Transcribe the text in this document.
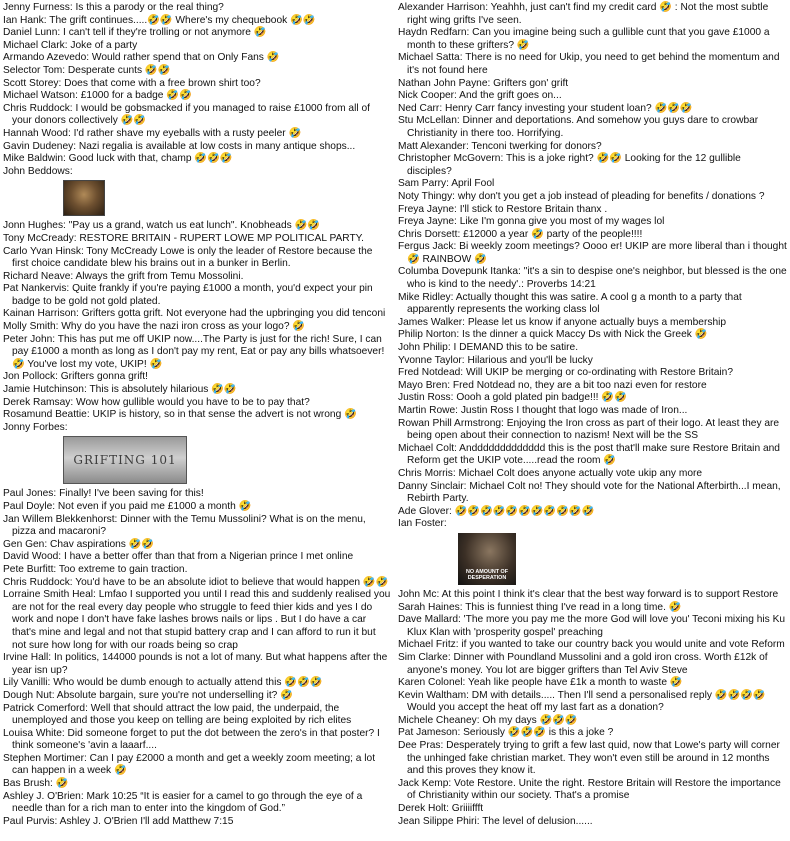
Jenny Furness: Is this a parody or the real thing?

Ian Hank: The grift continues.....🤣🤣 Where's my chequebook 🤣🤣

Daniel Lunn: I can't tell if they're trolling or not anymore 🤣

Michael Clark: Joke of a party

Armando Azevedo: Would rather spend that on Only Fans 🤣

Selector Tom: Desperate cunts 🤣🤣

Scott Storey: Does that come with a free brown shirt too?

Michael Watson: £1000 for a badge 🤣🤣

Chris Ruddock: I would be gobsmacked if you managed to raise £1000 from all of your donors collectively 🤣🤣

Hannah Wood: I'd rather shave my eyeballs with a rusty peeler 🤣

Gavin Dudeney: Nazi regalia is available at low costs in many antique shops...

Mike Baldwin: Good luck with that, champ 🤣🤣🤣

John Beddows:

Jonn Hughes: "Pay us a grand, watch us eat lunch". Knobheads 🤣🤣

Tony McCready: RESTORE BRITAIN - RUPERT LOWE MP POLITICAL PARTY.

Carlo Yvan Hinsk: Tony McCready Lowe is only the leader of Restore because the first choice candidate blew his brains out in a bunker in Berlin.

Richard Neave: Always the grift from Temu Mossolini.

Pat Nankervis: Quite frankly if you're paying £1000 a month, you'd expect your pin badge to be gold not gold plated.

Kainan Harrison: Grifters gotta grift. Not everyone had the upbringing you did tenconi

Molly Smith: Why do you have the nazi iron cross as your logo? 🤣

Peter John: This has put me off UKIP now....The Party is just for the rich! Sure, I can pay £1000 a month as long as I don't pay my rent, Eat or pay any bills whatsoever! 🤣 You've lost my vote, UKIP! 🤣

Jon Pollock: Grifters gonna grift!

Jamie Hutchinson: This is absolutely hilarious 🤣🤣

Derek Ramsay: Wow how gullible would you have to be to pay that?

Rosamund Beattie: UKIP is history, so in that sense the advert is not wrong 🤣

Jonny Forbes:

GRIFTING 101

Paul Jones: Finally! I've been saving for this!

Paul Doyle: Not even if you paid me £1000 a month 🤣

Jan Willem Blekkenhorst: Dinner with the Temu Mussolini? What is on the menu, pizza and macaroni?

Gen Gen: Chav aspirations 🤣🤣

David Wood: I have a better offer than that from a Nigerian prince I met online

Pete Burfitt: Too extreme to gain traction.

Chris Ruddock: You'd have to be an absolute idiot to believe that would happen 🤣🤣

Lorraine Smith Heal: Lmfao I supported you until I read this and suddenly realised you are not for the real every day people who struggle to feed thier kids and yes I do work and nope I don't have fake lashes brows nails or lips . But I do have a car that's mine and legal and not that stupid battery crap and I can afford to run it but not sure how long for with our roads being so crap

Irvine Hall: In politics, 144000 pounds is not a lot of many. But what happens after the year isn up?

Lily Vanilli: Who would be dumb enough to actually attend this 🤣🤣🤣

Dough Nut: Absolute bargain, sure you're not underselling it? 🤣

Patrick Comerford: Well that should attract the low paid, the underpaid, the unemployed and those you keep on telling are being exploited by rich elites

Louisa White: Did someone forget to put the dot between the zero's in that poster? I think someone's 'avin a laaarf....

Stephen Mortimer: Can I pay £2000 a month and get a weekly zoom meeting; a lot can happen in a week 🤣

Bas Brush: 🤣

Ashley J. O'Brien: Mark 10:25 “It is easier for a camel to go through the eye of a needle than for a rich man to enter into the kingdom of God.”

Paul Purvis: Ashley J. O'Brien I'll add Matthew 7:15

Alexander Harrison: Yeahhh, just can't find my credit card 🤣 : Not the most subtle right wing grifts I've seen.

Haydn Redfarn: Can you imagine being such a gullible cunt that you gave £1000 a month to these grifters? 🤣

Michael Satta: There is no need for Ukip, you need to get behind the momentum and it's not found here

Nathan John Payne: Grifters gon' grift

Nick Cooper: And the grift goes on...

Ned Carr: Henry Carr fancy investing your student loan? 🤣🤣🤣

Stu McLellan: Dinner and deportations. And somehow you guys dare to crowbar Christianity in there too. Horrifying.

Matt Alexander: Tenconi twerking for donors?

Christopher McGovern: This is a joke right? 🤣🤣 Looking for the 12 gullible disciples?

Sam Parry: April Fool

Noty Thingy: why don't you get a job instead of pleading for benefits / donations ?

Freya Jayne: I'll stick to Restore Britain thanx .

Freya Jayne: Like I'm gonna give you most of my wages lol

Chris Dorsett: £12000 a year 🤣 party of the people!!!!

Fergus Jack: Bi weekly zoom meetings? Oooo er! UKIP are more liberal than i thought 🤣 RAINBOW 🤣

Columba Dovepunk Itanka: "it's a sin to despise one's neighbor, but blessed is the one who is kind to the needy'.: Proverbs 14:21

Mike Ridley: Actually thought this was satire. A cool g a month to a party that apparently represents the working class lol

James Walker: Please let us know if anyone actually buys a membership

Philip Norton: Is the dinner a quick Maccy Ds with Nick the Greek 🤣

John Philip: I DEMAND this to be satire.

Yvonne Taylor: Hilarious and you'll be lucky

Fred Notdead: Will UKIP be merging or co-ordinating with Restore Britain?

Mayo Bren: Fred Notdead no, they are a bit too nazi even for restore

Justin Ross: Oooh a gold plated pin badge!!! 🤣🤣

Martin Rowe: Justin Ross I thought that logo was made of Iron...

Rowan Phill Armstrong: Enjoying the Iron cross as part of their logo. At least they are being open about their connection to nazism! Next will be the SS

Michael Colt: Anddddddddddddd this is the post that'll make sure Restore Britain and Reform get the UKIP vote.....read the room 🤣

Chris Morris: Michael Colt does anyone actually vote ukip any more

Danny Sinclair: Michael Colt no! They should vote for the National Afterbirth...I mean, Rebirth Party.

Ade Glover: 🤣🤣🤣🤣🤣🤣🤣🤣🤣🤣🤣

Ian Foster:

NO AMOUNT OF DESPERATION

John Mc: At this point I think it's clear that the best way forward is to support Restore

Sarah Haines: This is funniest thing I've read in a long time. 🤣

Dave Mallard: 'The more you pay me the more God will love you' Teconi mixing his Ku Klux Klan with 'prosperity gospel' preaching

Michael Fritz: if you wanted to take our country back you would unite and vote Reform

Sim Clarke: Dinner with Poundland Mussolini and a gold iron cross. Worth £12k of anyone's money. You lot are bigger grifters than Tel Aviv Steve

Karen Colonel: Yeah like people have £1k a month to waste 🤣

Kevin Waltham: DM with details..... Then I'll send a personalised reply 🤣🤣🤣🤣 Would you accept the heat off my last fart as a donation?

Michele Cheaney: Oh my days 🤣🤣🤣

Pat Jameson: Seriously 🤣🤣🤣 is this a joke ?

Dee Pras: Desperately trying to grift a few last quid, now that Lowe's party will corner the unhinged fake christian market. They won't even still be around in 12 months and this proves they know it.

Jack Kemp: Vote Restore. Unite the right. Restore Britain will Restore the importance of Christianity within our society. That's a promise

Derek Holt: Griiiiffft

Jean Silippe Phiri: The level of delusion......
